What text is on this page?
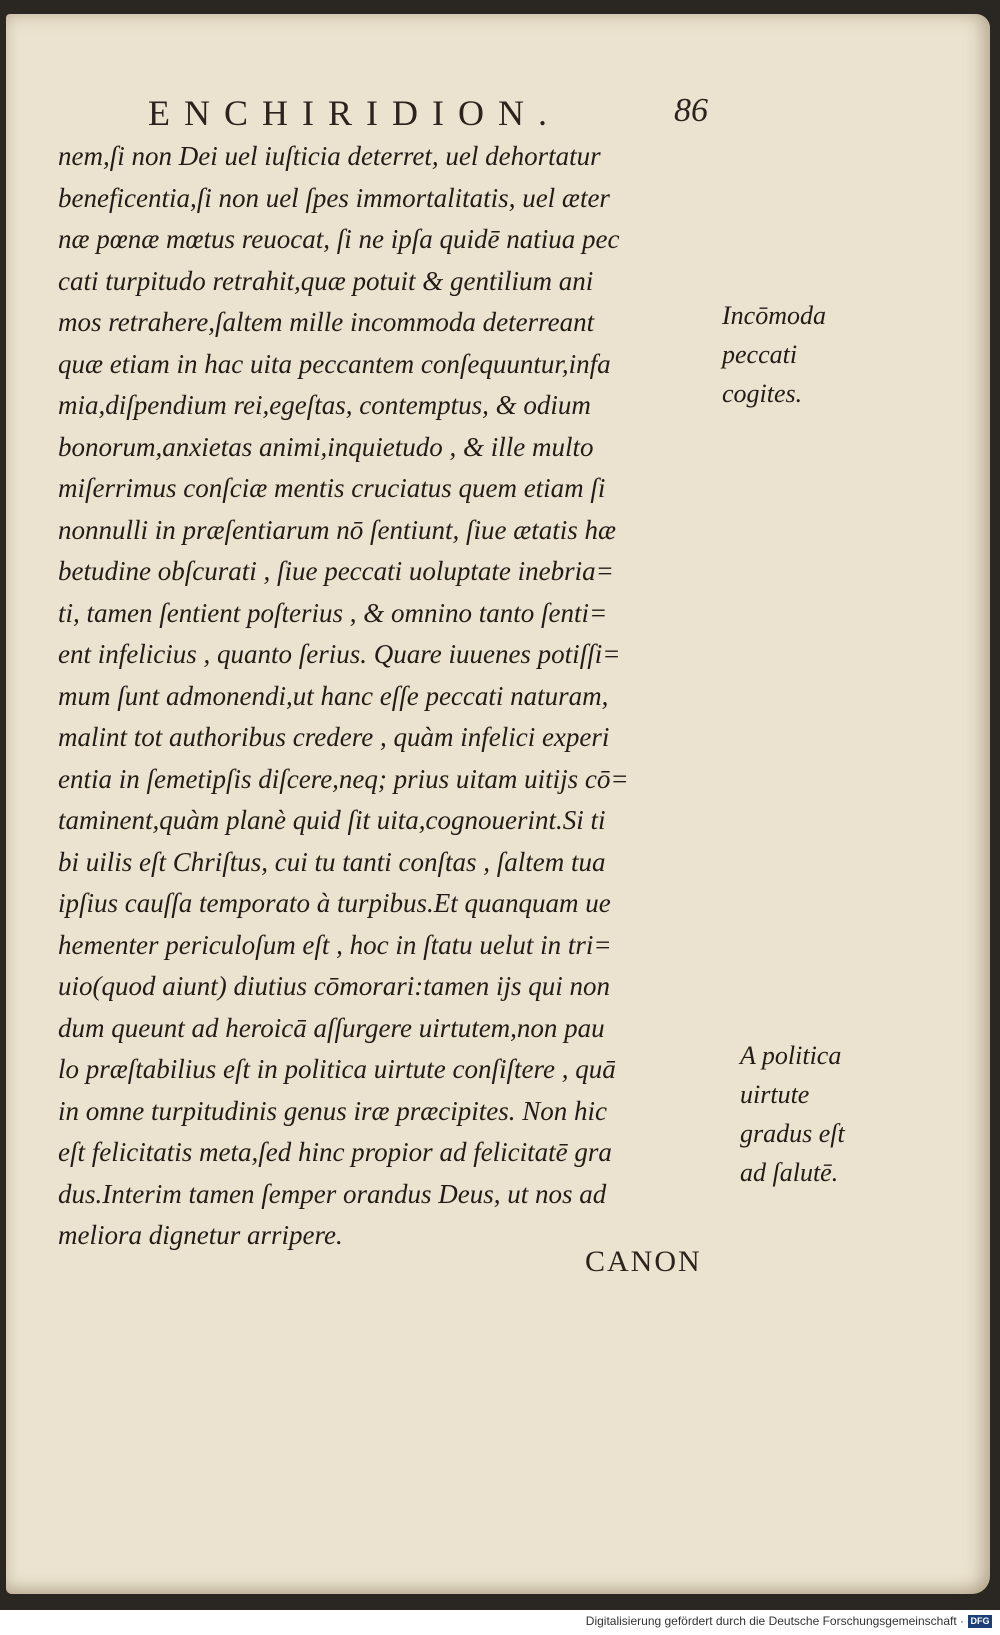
ENCHIRIDION.	86
nem,ſi non Dei uel iuſticia deterret, uel dehortatur
beneficentia,ſi non uel ſpes immortalitatis, uel æter
næ pœnæ mœtus reuocat, ſi ne ipſa quidē natiua pec
cati turpitudo retrahit,quæ potuit & gentilium ani
mos retrahere,ſaltem mille incommoda deterreant
quæ etiam in hac uita peccantem conſequuntur,infa
mia,diſpendium rei,egeſtas, contemptus, & odium
bonorum,anxietas animi,inquietudo , & ille multo
miſerrimus conſciæ mentis cruciatus quem etiam ſi
nonnulli in præſentiarum nō ſentiunt, ſiue ætatis hæ
betudine obſcurati , ſiue peccati uoluptate inebria=
ti, tamen ſentient poſterius , & omnino tanto ſenti=
ent infelicius , quanto ſerius. Quare iuuenes potiſſi=
mum ſunt admonendi,ut hanc eſſe peccati naturam,
malint tot authoribus credere , quàm infelici experi
entia in ſemetipſis diſcere,neq; prius uitam uitijs cō=
taminent,quàm planè quid ſit uita,cognouerint.Si ti
bi uilis eſt Chriſtus, cui tu tanti conſtas , ſaltem tua
ipſius cauſſa temporato à turpibus.Et quanquam ue
hementer periculoſum eſt , hoc in ſtatu uelut in tri=
uio(quod aiunt) diutius cōmorari:tamen ijs qui non
dum queunt ad heroicā aſſurgere uirtutem,non pau
lo præſtabilius eſt in politica uirtute conſiſtere , quā
in omne turpitudinis genus iræ præcipites. Non hic
eſt felicitatis meta,ſed hinc propior ad felicitatē gra
dus.Interim tamen ſemper orandus Deus, ut nos ad
meliora dignetur arripere.
CANON
Incōmoda
peccati
cogites.
A politica
uirtute
gradus eſt
ad ſalutē.
Digitalisierung gefördert durch die Deutsche Forschungsgemeinschaft · DFG
